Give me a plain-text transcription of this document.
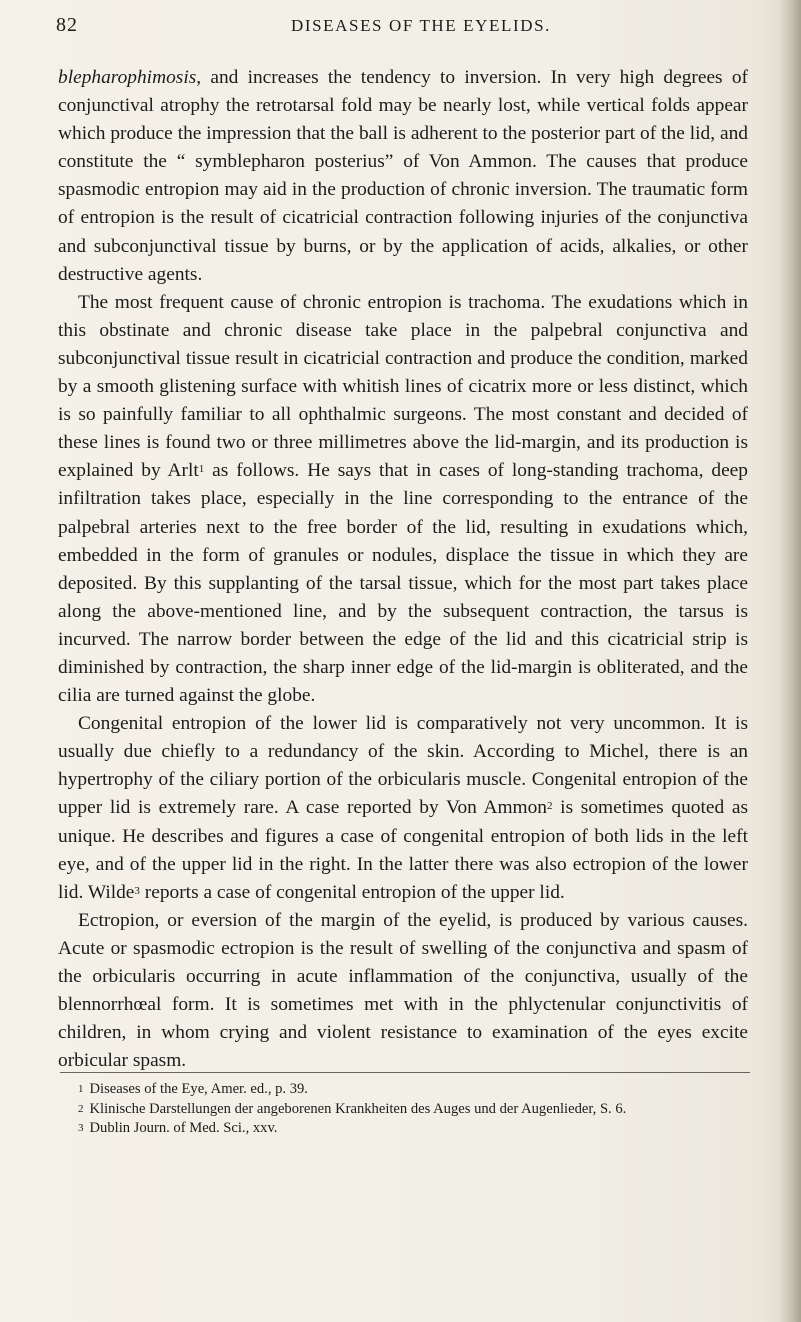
82	DISEASES OF THE EYELIDS.

blepharophimosis, and increases the tendency to inversion. In very high degrees of conjunctival atrophy the retrotarsal fold may be nearly lost, while vertical folds appear which produce the impression that the ball is adherent to the posterior part of the lid, and constitute the “ symblepharon posterius” of Von Ammon. The causes that produce spasmodic entropion may aid in the production of chronic inversion. The traumatic form of entropion is the result of cicatricial contraction following injuries of the conjunctiva and subconjunctival tissue by burns, or by the application of acids, alkalies, or other destructive agents.

The most frequent cause of chronic entropion is trachoma. The exudations which in this obstinate and chronic disease take place in the palpebral conjunctiva and subconjunctival tissue result in cicatricial contraction and produce the condition, marked by a smooth glistening surface with whitish lines of cicatrix more or less distinct, which is so painfully familiar to all ophthalmic surgeons. The most constant and decided of these lines is found two or three millimetres above the lid-margin, and its production is explained by Arlt$^1$ as follows. He says that in cases of long-standing trachoma, deep infiltration takes place, especially in the line corresponding to the entrance of the palpebral arteries next to the free border of the lid, resulting in exudations which, embedded in the form of granules or nodules, displace the tissue in which they are deposited. By this supplanting of the tarsal tissue, which for the most part takes place along the above-mentioned line, and by the subsequent contraction, the tarsus is incurved. The narrow border between the edge of the lid and this cicatricial strip is diminished by contraction, the sharp inner edge of the lid-margin is obliterated, and the cilia are turned against the globe.

Congenital entropion of the lower lid is comparatively not very uncommon. It is usually due chiefly to a redundancy of the skin. According to Michel, there is an hypertrophy of the ciliary portion of the orbicularis muscle. Congenital entropion of the upper lid is extremely rare. A case reported by Von Ammon$^2$ is sometimes quoted as unique. He describes and figures a case of congenital entropion of both lids in the left eye, and of the upper lid in the right. In the latter there was also ectropion of the lower lid. Wilde$^3$ reports a case of congenital entropion of the upper lid.

Ectropion, or eversion of the margin of the eyelid, is produced by various causes. Acute or spasmodic ectropion is the result of swelling of the conjunctiva and spasm of the orbicularis occurring in acute inflammation of the conjunctiva, usually of the blennorrhœal form. It is sometimes met with in the phlyctenular conjunctivitis of children, in whom crying and violent resistance to examination of the eyes excite orbicular spasm.

$^1$ Diseases of the Eye, Amer. ed., p. 39.

$^2$ Klinische Darstellungen der angeborenen Krankheiten des Auges und der Augenlieder, S. 6.

$^3$ Dublin Journ. of Med. Sci., xxv.
